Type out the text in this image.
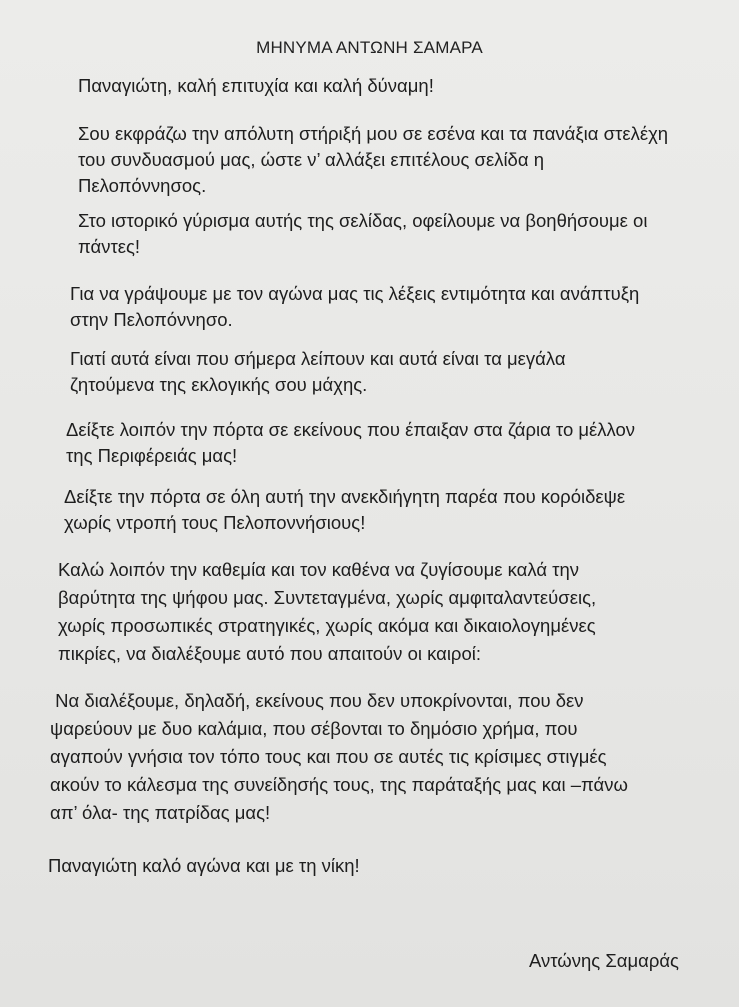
ΜΗΝΥΜΑ ΑΝΤΩΝΗ ΣΑΜΑΡΑ
Παναγιώτη, καλή επιτυχία και καλή δύναμη!
Σου εκφράζω την απόλυτη στήριξή μου σε εσένα και τα πανάξια στελέχη
του συνδυασμού μας, ώστε ν’ αλλάξει επιτέλους σελίδα η
Πελοπόννησος.
Στο ιστορικό γύρισμα αυτής της σελίδας, οφείλουμε να βοηθήσουμε οι
πάντες!
Για να γράψουμε με τον αγώνα μας τις λέξεις εντιμότητα και ανάπτυξη
στην Πελοπόννησο.
Γιατί αυτά είναι που σήμερα λείπουν και αυτά είναι τα μεγάλα
ζητούμενα της εκλογικής σου μάχης.
Δείξτε λοιπόν την πόρτα σε εκείνους που έπαιξαν στα ζάρια το μέλλον
της Περιφέρειάς μας!
Δείξτε την πόρτα σε όλη αυτή την ανεκδιήγητη παρέα που κορόιδεψε
χωρίς ντροπή τους Πελοποννήσιους!
Καλώ λοιπόν την καθεμία και τον καθένα να ζυγίσουμε καλά την
βαρύτητα της ψήφου μας. Συντεταγμένα, χωρίς αμφιταλαντεύσεις,
χωρίς προσωπικές στρατηγικές, χωρίς ακόμα και δικαιολογημένες
πικρίες, να διαλέξουμε αυτό που απαιτούν οι καιροί:
Να διαλέξουμε, δηλαδή, εκείνους που δεν υποκρίνονται, που δεν
ψαρεύουν με δυο καλάμια, που σέβονται το δημόσιο χρήμα, που
αγαπούν γνήσια τον τόπο τους και που σε αυτές τις κρίσιμες στιγμές
ακούν το κάλεσμα της συνείδησής τους, της παράταξής μας και –πάνω
απ’ όλα- της πατρίδας μας!
Παναγιώτη καλό αγώνα και με τη νίκη!
Αντώνης Σαμαράς
